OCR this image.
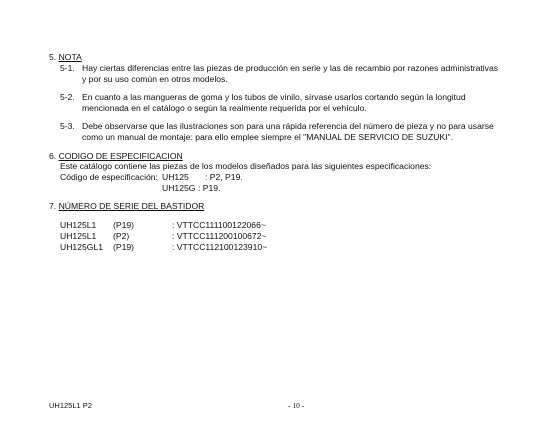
5. NOTA
5-1. Hay ciertas diferencias entre las piezas de producción en serie y las de recambio por razones administrativas
y por su uso común en otros modelos.
5-2. En cuanto a las mangueras de goma y los tubos de vinilo, sírvase usarlos cortando según la longitud
mencionada en el catálogo o según la realmente requerida por el vehículo.
5-3. Debe observarse que las ilustraciones son para una rápida referencia del número de pieza y no para usarse
como un manual de montaje: para ello emplee siempre el "MANUAL DE SERVICIO DE SUZUKI".
6. CODIGO DE ESPECIFICACION
Este catálogo contiene las piezas de los modelos diseñados para las siguientes especificaciones:
Código de especificación: UH125 : P2, P19.
UH125G : P19.
7. NÚMERO DE SERIE DEL BASTIDOR
UH125L1 (P19)	: VTTCC111100122066~
UH125L1 (P2)	: VTTCC111200100672~
UH125GL1 (P19)	: VTTCC112100123910~
UH125L1 P2	- 10 -
